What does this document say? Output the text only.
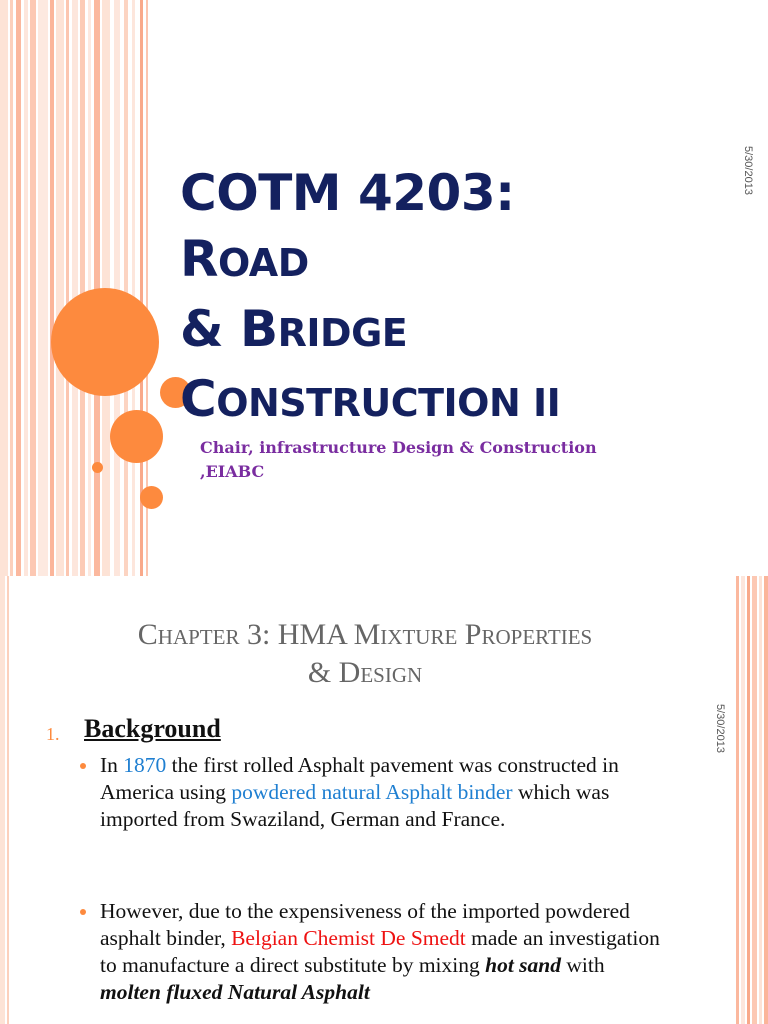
COTM 4203: ROAD
& BRIDGE
CONSTRUCTION II
Chair, infrastructure Design & Construction
,EIABC
5/30/2013
Chapter 3: HMA Mixture Properties
& Design
5/30/2013
1. Background
In 1870 the first rolled Asphalt pavement was constructed in America using powdered natural Asphalt binder which was imported from Swaziland, German and France.
However, due to the expensiveness of the imported powdered asphalt binder, Belgian Chemist De Smedt made an investigation to manufacture a direct substitute by mixing hot sand with molten fluxed Natural Asphalt
